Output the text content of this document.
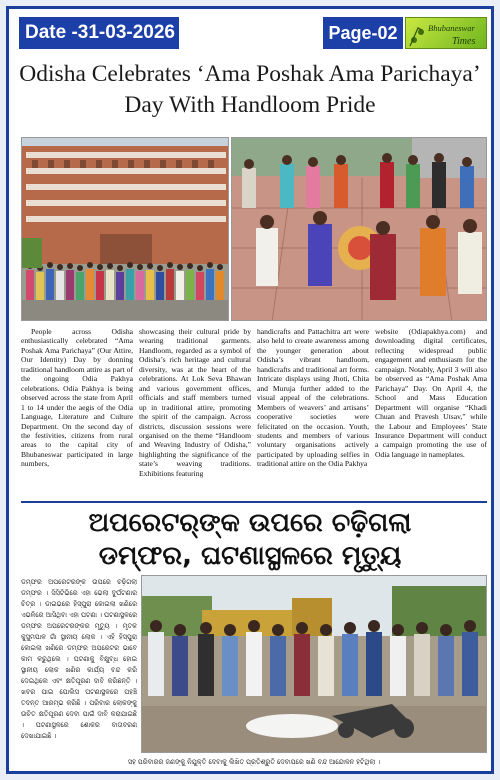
Date -31-03-2026	Page-02	Bhubaneswar
Times
Odisha Celebrates ‘Ama Poshak Ama Parichaya’ Day With Handloom Pride
People across Odisha enthusiastically celebrated “Ama Poshak Ama Parichaya” (Our Attire, Our Identity) Day by donning traditional handloom attire as part of the ongoing Odia Pakhya celebrations. Odia Pakhya is being observed across the state from April 1 to 14 under the aegis of the Odia Language, Literature and Culture Department. On the second day of the festivities, citizens from rural areas to the capital city of Bhubaneswar participated in large numbers,
showcasing their cultural pride by wearing traditional garments. Handloom, regarded as a symbol of Odisha’s rich heritage and cultural diversity, was at the heart of the celebrations. At Lok Seva Bhawan and various government offices, officials and staff members turned up in traditional attire, promoting the spirit of the campaign. Across districts, discussion sessions were organised on the theme “Handloom and Weaving Industry of Odisha,” highlighting the significance of the state’s weaving traditions. Exhibitions featuring
handicrafts and Pattachitra art were also held to create awareness among the younger generation about Odisha’s vibrant handloom, handicrafts and traditional art forms. Intricate displays using Jhoti, Chita and Muruja further added to the visual appeal of the celebrations. Members of weavers’ and artisans’ cooperative societies were felicitated on the occasion. Youth, students and members of various voluntary organisations actively participated by uploading selfies in traditional attire on the Odia Pakhya
website (Odiapakhya.com) and downloading digital certificates, reflecting widespread public engagement and enthusiasm for the campaign. Notably, April 3 will also be observed as “Ama Poshak Ama Parichaya” Day. On April 4, the School and Mass Education Department will organise “Khadi Chuan and Pravesh Utsav,” while the Labour and Employees’ State Insurance Department will conduct a campaign promoting the use of Odia language in nameplates.
ଅପରେଟର୍‌ଙ୍କ ଉପରେ ଚଢ଼ିଗଲା
ଡମ୍ଫର, ଘଟଣାସ୍ଥଳରେ ମୃତ୍ୟୁ
ଡମ୍ଫର ଅପରେଟରଙ୍କ ଉପରେ ଚଢ଼ିଗଲା ଡମ୍ଫର । ସିସିଟିଭିରେ ଏହା ଭେଲା ଦୁର୍ଘଟଣାର ଚିତ୍ର । ଡାଇଭରେ ହିସ୍ପୁରା କୋଇଲା ଖଣିରେ ଏଭଳିରେ ଆସିଥିବା ଏହା ଘଟଣା । ଘଟଣାସ୍ଥଳରେ ଡମ୍ଫର ଅପରେଟରଙ୍କର ମୃତ୍ୟୁ । ମୃତକ କୁସୁମପାଳ ଗାଁ ସ୍ଥାନୀୟ ଲୋକ । ଏହି ହିସ୍ପୁରା କୋଇଲା ଖଣିରେ ଡମ୍ଫର ଅପରେଟର ଭାବେ କାମ କରୁଥିଲେ । ଘଟଣାକୁ ବିକ୍ଷୁବ୍ଧ ହୋଇ ସ୍ଥାନୀୟ ଲୋକ ଖଣିର କାର୍ଯ୍ୟ ବନ୍ଦ କରି ଦେଇଥିଲେ ଏବଂ କ୍ଷତିପୂରଣ ଦାବି କରିଛନ୍ତି । ଖବର ପାଇ ପୋଲିସ ଘଟଣାସ୍ଥଳରେ ପହଞ୍ଚି ତଦନ୍ତ ଆରମ୍ଭ କରିଛି । ପରିବାର ଲୋକଙ୍କୁ ଉଚିତ କ୍ଷତିପୂରଣ ଦେବା ପାଇଁ ଦାବି କରାଯାଇଛି । ଘଟଣାସ୍ଥଳରେ ଶୋକର ବାତାବରଣ ଦେଖାଯାଇଛି ।
ସହ ପରିବାରର ଜଣଙ୍କୁ ନିଯୁକ୍ତି ଦେବାକୁ ଲିଖିତ ପ୍ରତିଶ୍ରୁତି ଦେବାପରେ ଖଣି ବନ୍ଦ ଆନ୍ଦୋଳନ ହଟିଥିଲା ।
